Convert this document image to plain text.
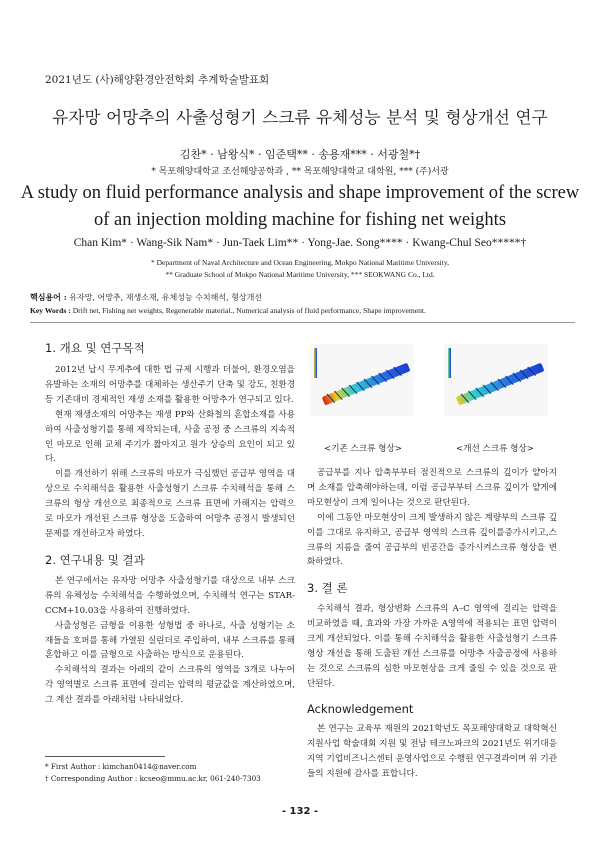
2021년도 (사)해양환경안전학회 추계학술발표회
유자망 어망추의 사출성형기 스크류 유체성능 분석 및 형상개선 연구
김찬* · 남왕식* · 임준택** · 송용재*** · 서광철*†
* 목포해양대학교 조선해양공학과 , ** 목포해양대학교 대학원, *** (주)서광
A study on fluid performance analysis and shape improvement of the screw
of an injection molding machine for fishing net weights
Chan Kim* · Wang-Sik Nam* · Jun-Taek Lim** · Yong-Jae. Song**** · Kwang-Chul Seo*****†
* Department of Naval Architecture and Ocean Engineering, Mokpo National Maritime University,
** Graduate School of Mokpo National Maritime University, *** SEOKWANG Co., Ltd.
핵심용어 : 유자망, 어망추, 재생소재, 유체성능 수치해석, 형상개선
Key Words : Drift net, Fishing net weights, Regenerable material., Numerical analysis of fluid performance, Shape improvement.
1. 개요 및 연구목적

2012년 납시 무게추에 대한 법 규제 시행과 더불어, 환경오염을 유발하는 소재의 어망추를 대체하는 생산주기 단축 및 강도, 친환경 등 기존대비 경제적인 재생 소재를 활용한 어망추가 연구되고 있다.

현재 재생소재의 어망추는 재생 PP와 산화철의 혼합소재를 사용하여 사출성형기를 통해 제작되는데, 사출 공정 중 스크류의 지속적인 마모로 인해 교체 주기가 짧아지고 원가 상승의 요인이 되고 있다.

이를 개선하기 위해 스크류의 마모가 극심했던 공급부 영역을 대상으로 수치해석을 활용한 사출성형기 스크류 수치해석을 통해 스크류의 형상 개선으로 최종적으로 스크류 표면에 가해지는 압력으로 마모가 개선된 스크류 형상을 도출하여 어망추 공정시 발생되던 문제를 개선하고자 하였다.

2. 연구내용 및 결과

본 연구에서는 유자망 어망추 사출성형기를 대상으로 내부 스크류의 유체성능 수치해석을 수행하였으며, 수치해석 연구는 STAR-CCM+10.03을 사용하여 진행하였다.

사출성형은 금형을 이용한 성형법 중 하나로, 사출 성형기는 소재들을 호퍼를 통해 가열된 실린더로 주입하여, 내부 스크류를 통해 혼합하고 이를 금형으로 사출하는 방식으로 운용된다.

수치해석의 결과는 아래의 같이 스크류의 영역을 3개로 나누어 각 영역별로 스크류 표면에 걸리는 압력의 평균값을 계산하였으며, 그 계산 결과를 아래처럼 나타내었다.

<기존 스크류 형상>	<개선 스크류 형상>

공급부를 지나 압축부부터 점진적으로 스크류의 깊이가 얕아지며 소재를 압축해야하는데, 이럼 공급부부터 스크류 깊이가 얕게에 마모현상이 크게 일어나는 것으로 판단된다.

이에 그동안 마모현상이 크게 발생하지 않은 계량부의 스크류 깊이를 그대로 유지하고, 공급부 영역의 스크류 깊이를증가시키고,스크류의 지름을 줄여 공급부의 빈공간을 증가시켜스크류 형상을 변화하였다.

3. 결 론

수치해석 결과, 형상변화 스크류의 A–C 영역에 걸리는 압력을 비교하였을 때, 효과와 가장 가까운 A영역에 적용되는 표면 압력이 크게 개선되었다. 이를 통해 수치해석을 활용한 사출성형기 스크류 형상 개선을 통해 도출된 개선 스크류를 어망추 사출공정에 사용하는 것으로 스크류의 심한 마모현상을 크게 줄일 수 있을 것으로 판단된다.

Acknowledgement

본 연구는 교육부 재원의 2021학년도 목포해양대학교 대학혁신지원사업 학술대회 지원 및 전남 테크노파크의 2021년도 위기대응지역 기업비즈니스센터 운영사업으로 수행된 연구결과이며 위 기관들의 지원에 감사를 표합니다.

* First Author : kimchan0414@naver.com
† Corresponding Author : kcseo@mmu.ac.kr, 061-240-7303
- 132 -
